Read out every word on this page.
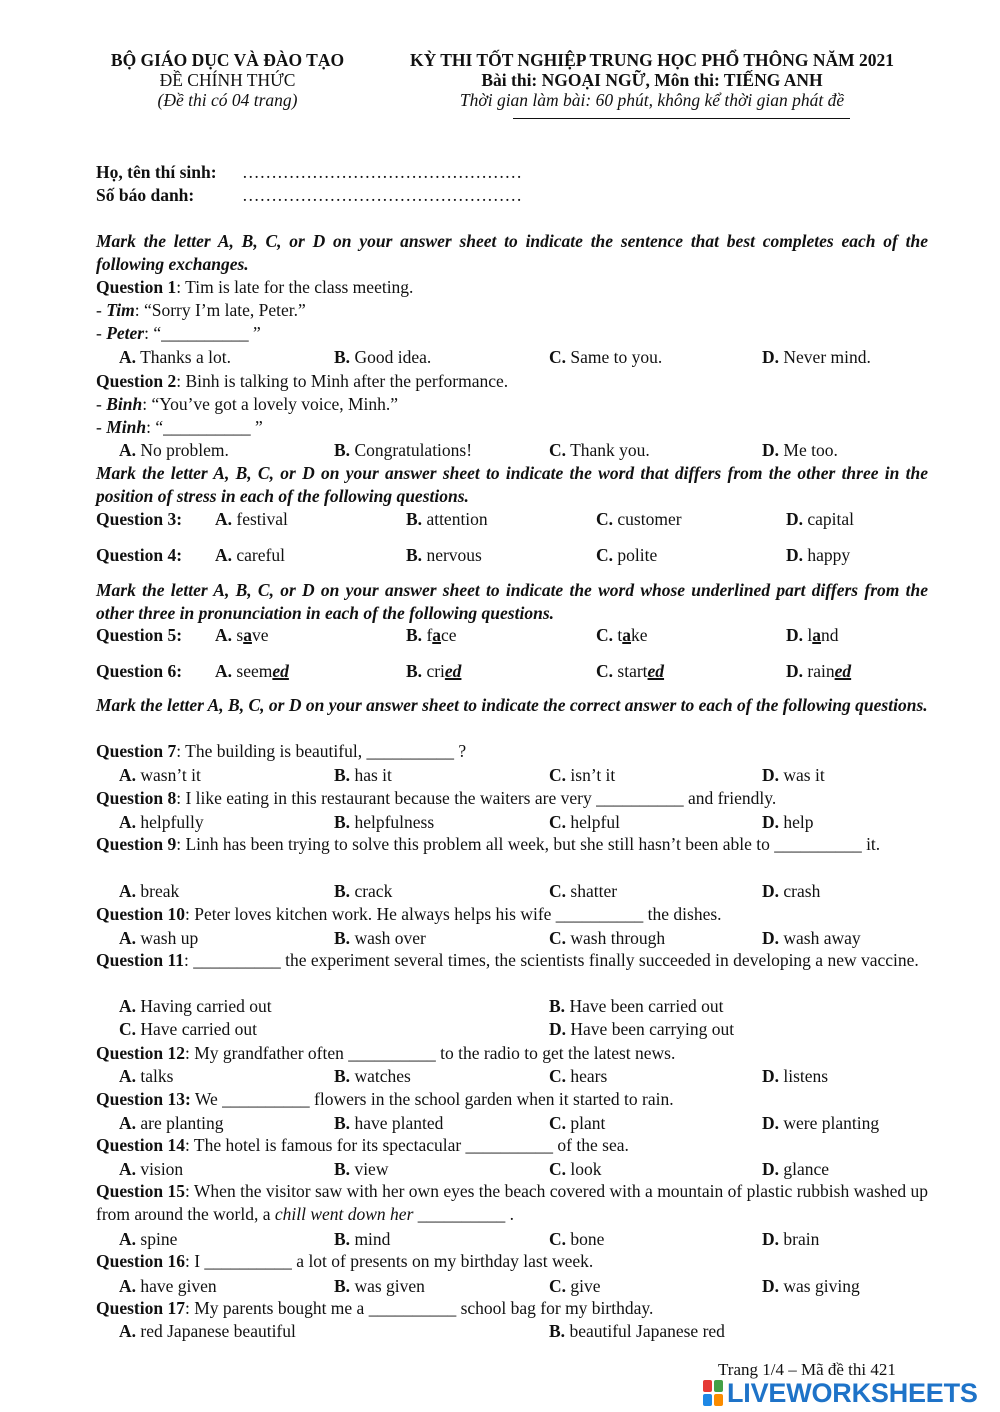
BỘ GIÁO DỤC VÀ ĐÀO TẠO
ĐỀ CHÍNH THỨC
(Đề thi có 04 trang)
KỲ THI TỐT NGHIỆP TRUNG HỌC PHỔ THÔNG NĂM 2021
Bài thi: NGOẠI NGỮ, Môn thi: TIẾNG ANH
Thời gian làm bài: 60 phút, không kể thời gian phát đề
Họ, tên thí sinh: …………………………………………
Số báo danh:	…………………………………………
Mark the letter A, B, C, or D on your answer sheet to indicate the sentence that best completes each of the following exchanges.
Question 1: Tim is late for the class meeting.
- Tim: “Sorry I’m late, Peter.”
- Peter: “__________ ”
A. Thanks a lot.	B. Good idea.	C. Same to you.	D. Never mind.
Question 2: Binh is talking to Minh after the performance.
- Binh: “You’ve got a lovely voice, Minh.”
- Minh: “__________ ”
A. No problem.	B. Congratulations!	C. Thank you.	D. Me too.
Mark the letter A, B, C, or D on your answer sheet to indicate the word that differs from the other three in the position of stress in each of the following questions.
Question 3: A. festival	B. attention	C. customer	D. capital
Question 4: A. careful	B. nervous	C. polite	D. happy
Mark the letter A, B, C, or D on your answer sheet to indicate the word whose underlined part differs from the other three in pronunciation in each of the following questions.
Question 5: A. save	B. face	C. take	D. land
Question 6: A. seemed	B. cried	C. started	D. rained
Mark the letter A, B, C, or D on your answer sheet to indicate the correct answer to each of the following questions.
Question 7: The building is beautiful, __________ ?
A. wasn’t it	B. has it	C. isn’t it	D. was it
Question 8: I like eating in this restaurant because the waiters are very __________ and friendly.
A. helpfully	B. helpfulness	C. helpful	D. help
Question 9: Linh has been trying to solve this problem all week, but she still hasn’t been able to __________ it.
A. break	B. crack	C. shatter	D. crash
Question 10: Peter loves kitchen work. He always helps his wife __________ the dishes.
A. wash up	B. wash over	C. wash through	D. wash away
Question 11: __________ the experiment several times, the scientists finally succeeded in developing a new vaccine.
A. Having carried out	B. Have been carried out
C. Have carried out	D. Have been carrying out
Question 12: My grandfather often __________ to the radio to get the latest news.
A. talks	B. watches	C. hears	D. listens
Question 13: We __________ flowers in the school garden when it started to rain.
A. are planting	B. have planted	C. plant	D. were planting
Question 14: The hotel is famous for its spectacular __________ of the sea.
A. vision	B. view	C. look	D. glance
Question 15: When the visitor saw with her own eyes the beach covered with a mountain of plastic rubbish washed up from around the world, a chill went down her __________ .
A. spine	B. mind	C. bone	D. brain
Question 16: I __________ a lot of presents on my birthday last week.
A. have given	B. was given	C. give	D. was giving
Question 17: My parents bought me a __________ school bag for my birthday.
A. red Japanese beautiful	B. beautiful Japanese red
Trang 1/4 – Mã đề thi 421
LIVEWORKSHEETS
